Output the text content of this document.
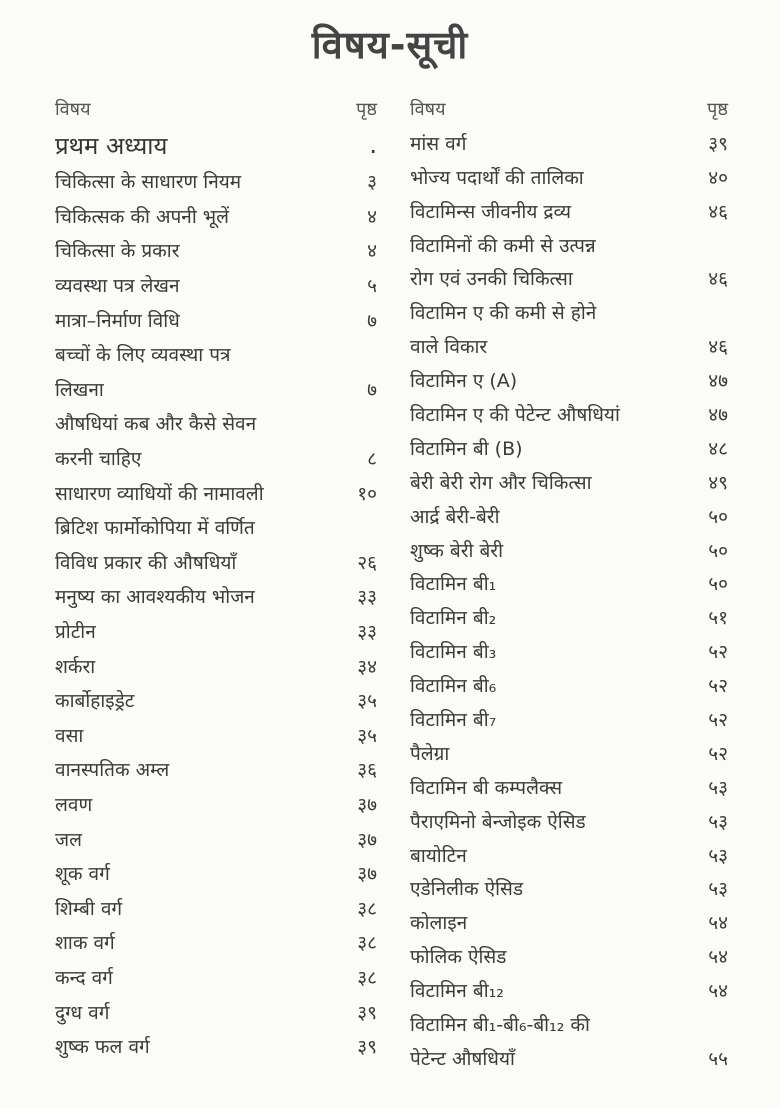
विषय-सूची
विषय	पृष्ठ
प्रथम अध्याय	.
चिकित्सा के साधारण नियम	३
चिकित्सक की अपनी भूलें	४
चिकित्सा के प्रकार	४
व्यवस्था पत्र लेखन	५
मात्रा–निर्माण विधि	७
बच्चों के लिए व्यवस्था पत्र
लिखना	७
औषधियां कब और कैसे सेवन
करनी चाहिए	८
साधारण व्याधियों की नामावली	१०
ब्रिटिश फार्मोकोपिया में वर्णित
विविध प्रकार की औषधियाँ	२६
मनुष्य का आवश्यकीय भोजन	३३
प्रोटीन	३३
शर्करा	३४
कार्बोहाइड्रेट	३५
वसा	३५
वानस्पतिक अम्ल	३६
लवण	३७
जल	३७
शूक वर्ग	३७
शिम्बी वर्ग	३८
शाक वर्ग	३८
कन्द वर्ग	३८
दुग्ध वर्ग	३९
शुष्क फल वर्ग	३९
विषय	पृष्ठ
मांस वर्ग	३९
भोज्य पदार्थों की तालिका	४०
विटामिन्स जीवनीय द्रव्य	४६
विटामिनों की कमी से उत्पन्न
रोग एवं उनकी चिकित्सा	४६
विटामिन ए की कमी से होने
वाले विकार	४६
विटामिन ए (A)	४७
विटामिन ए की पेटेन्ट औषधियां	४७
विटामिन बी (B)	४८
बेरी बेरी रोग और चिकित्सा	४९
आर्द्र बेरी-बेरी	५०
शुष्क बेरी बेरी	५०
विटामिन बी₁	५०
विटामिन बी₂	५१
विटामिन बी₃	५२
विटामिन बी₆	५२
विटामिन बी₇	५२
पैलेग्रा	५२
विटामिन बी कम्पलैक्स	५३
पैराएमिनो बेन्जोइक ऐसिड	५३
बायोटिन	५३
एडेनिलीक ऐसिड	५३
कोलाइन	५४
फोलिक ऐसिड	५४
विटामिन बी₁₂	५४
विटामिन बी₁-बी₆-बी₁₂ की
पेटेन्ट औषधियाँ	५५
